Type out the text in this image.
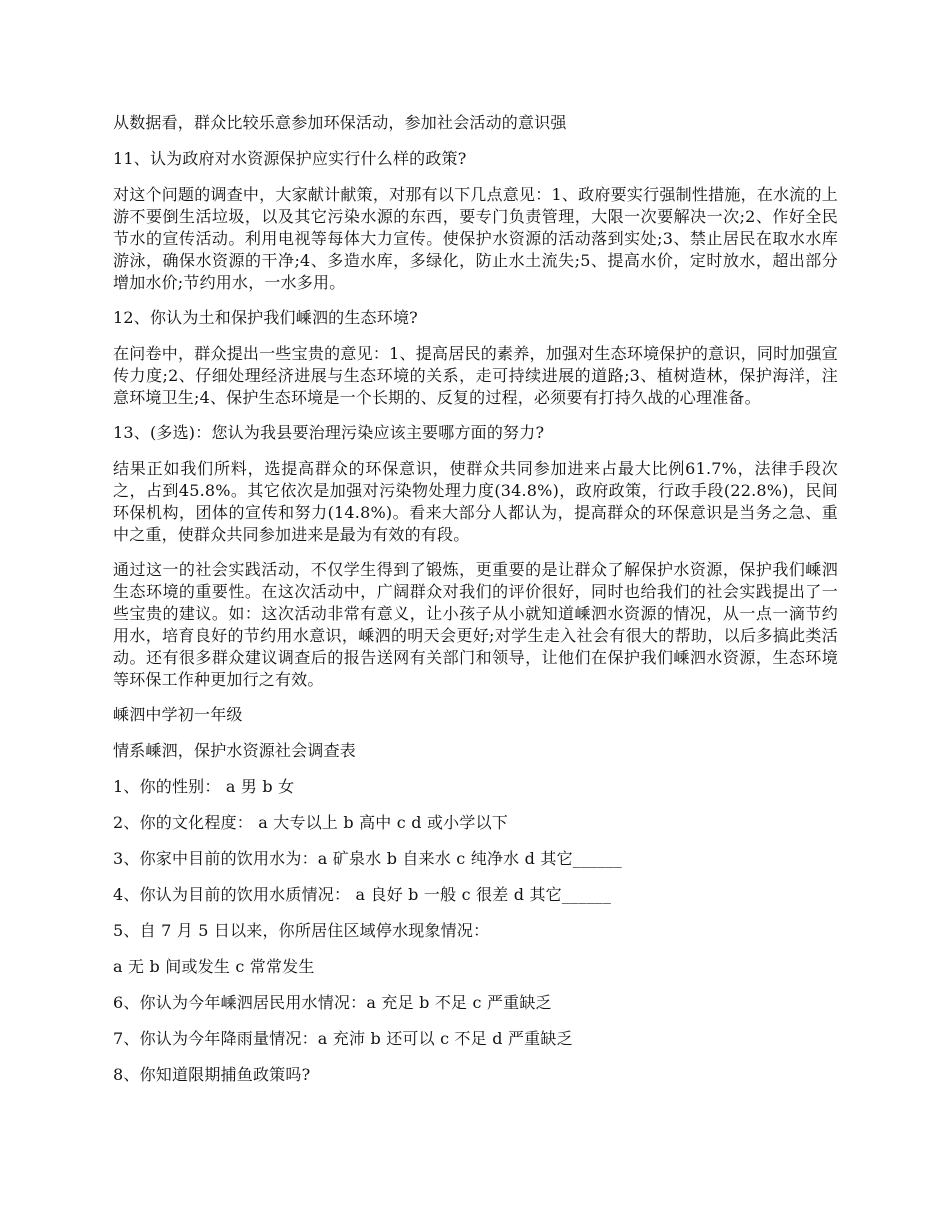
从数据看，群众比较乐意参加环保活动，参加社会活动的意识强

11、认为政府对水资源保护应实行什么样的政策?

对这个问题的调查中，大家献计献策，对那有以下几点意见：1、政府要实行强制性措施，在水流的上游不要倒生活垃圾，以及其它污染水源的东西，要专门负责管理，大限一次要解决一次;2、作好全民节水的宣传活动。利用电视等每体大力宣传。使保护水资源的活动落到实处;3、禁止居民在取水水库游泳，确保水资源的干净;4、多造水库，多绿化，防止水土流失;5、提高水价，定时放水，超出部分增加水价;节约用水，一水多用。

12、你认为土和保护我们嵊泗的生态环境?

在问卷中，群众提出一些宝贵的意见：1、提高居民的素养，加强对生态环境保护的意识，同时加强宣传力度;2、仔细处理经济进展与生态环境的关系，走可持续进展的道路;3、植树造林，保护海洋，注意环境卫生;4、保护生态环境是一个长期的、反复的过程，必须要有打持久战的心理准备。

13、(多选)：您认为我县要治理污染应该主要哪方面的努力?

结果正如我们所料，选提高群众的环保意识，使群众共同参加进来占最大比例61.7%，法律手段次之，占到45.8%。其它依次是加强对污染物处理力度(34.8%)，政府政策，行政手段(22.8%)，民间环保机构，团体的宣传和努力(14.8%)。看来大部分人都认为，提高群众的环保意识是当务之急、重中之重，使群众共同参加进来是最为有效的有段。

通过这一的社会实践活动，不仅学生得到了锻炼，更重要的是让群众了解保护水资源，保护我们嵊泗生态环境的重要性。在这次活动中，广阔群众对我们的评价很好，同时也给我们的社会实践提出了一些宝贵的建议。如：这次活动非常有意义，让小孩子从小就知道嵊泗水资源的情况，从一点一滴节约用水，培育良好的节约用水意识，嵊泗的明天会更好;对学生走入社会有很大的帮助，以后多搞此类活动。还有很多群众建议调查后的报告送网有关部门和领导，让他们在保护我们嵊泗水资源，生态环境等环保工作种更加行之有效。

嵊泗中学初一年级

情系嵊泗，保护水资源社会调查表

1、你的性别： a 男 b 女

2、你的文化程度： a 大专以上 b 高中 c d 或小学以下

3、你家中目前的饮用水为：a 矿泉水 b 自来水 c 纯净水 d 其它______

4、你认为目前的饮用水质情况： a 良好 b 一般 c 很差 d 其它______

5、自 7 月 5 日以来，你所居住区域停水现象情况：

a 无 b 间或发生 c 常常发生

6、你认为今年嵊泗居民用水情况：a 充足 b 不足 c 严重缺乏

7、你认为今年降雨量情况：a 充沛 b 还可以 c 不足 d 严重缺乏

8、你知道限期捕鱼政策吗?
